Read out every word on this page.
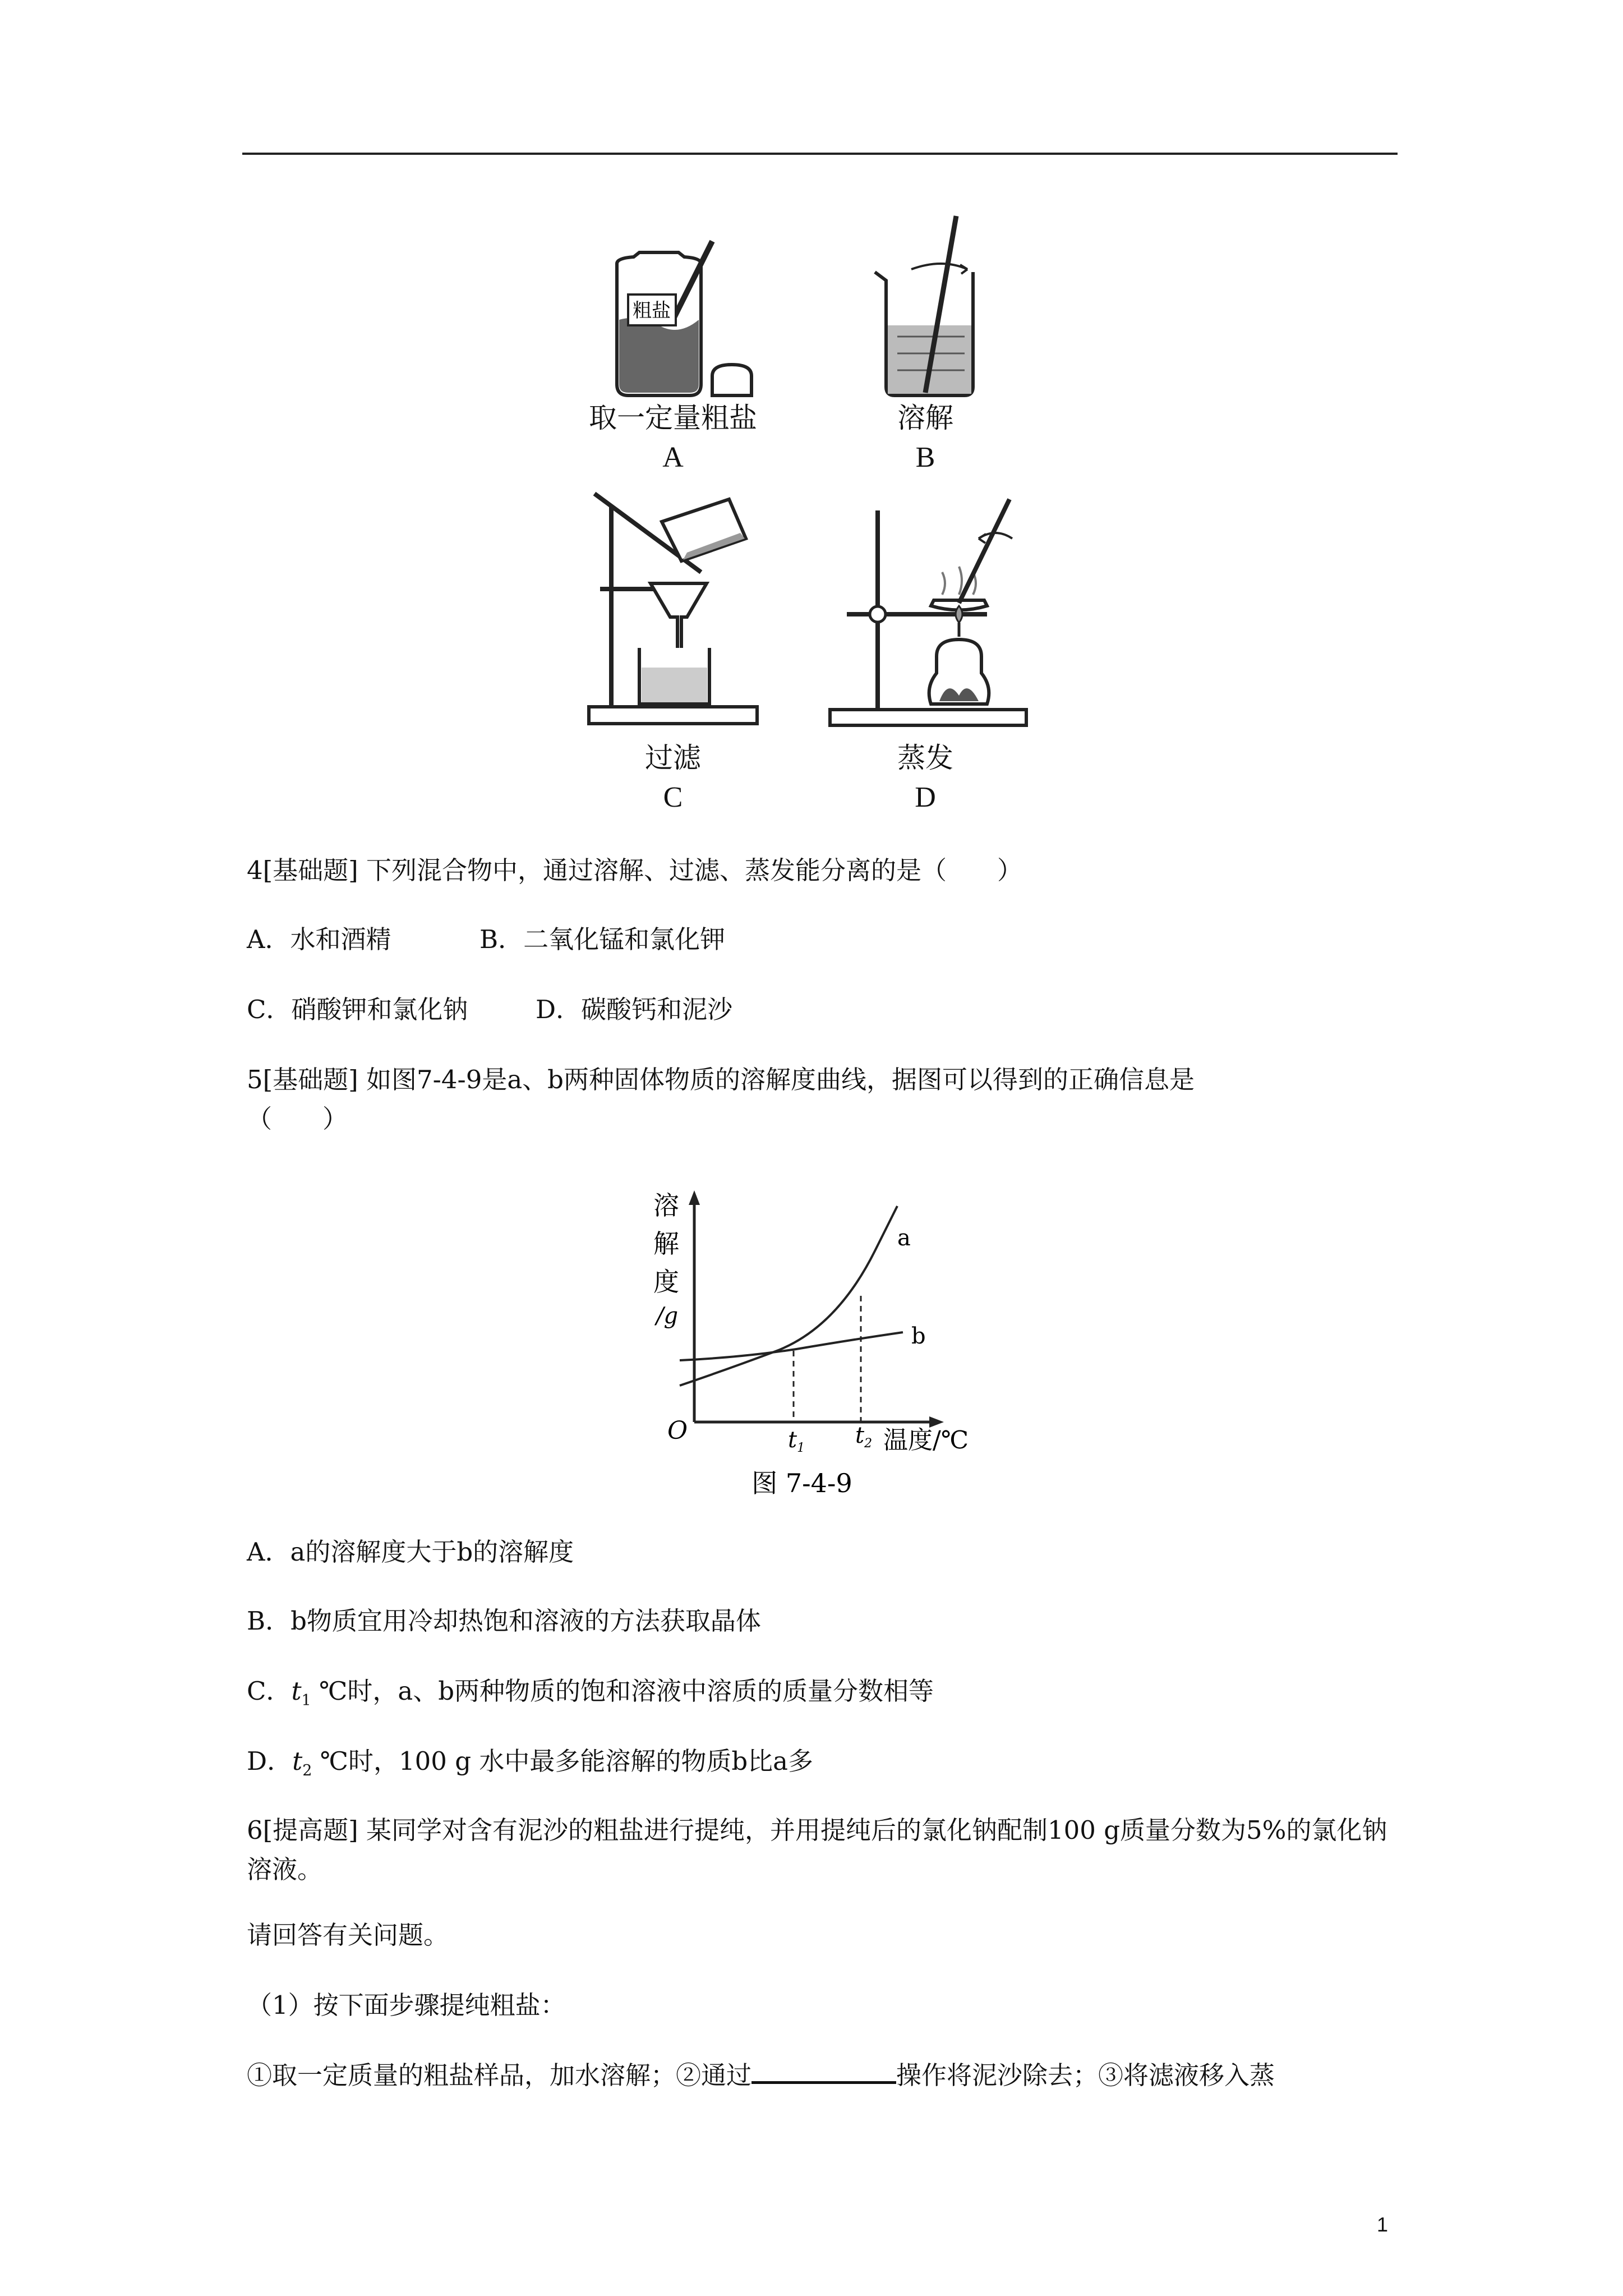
粗盐
取一定量粗盐
A
溶解
B
过滤
C
蒸发
D
4[基础题] 下列混合物中，通过溶解、过滤、蒸发能分离的是（　　）
A．水和酒精	B．二氧化锰和氯化钾
C．硝酸钾和氯化钠	D．碳酸钙和泥沙
5[基础题] 如图7-4-9是a、b两种固体物质的溶解度曲线，据图可以得到的正确信息是
（　　）
溶
解
度
/g
O
a
b
$t_1$ $t_2$ 温度/℃
图 7-4-9
A．a的溶解度大于b的溶解度
B．b物质宜用冷却热饱和溶液的方法获取晶体
C．$t_1$ ℃时，a、b两种物质的饱和溶液中溶质的质量分数相等
D．$t_2$ ℃时，100 g 水中最多能溶解的物质b比a多
6[提高题] 某同学对含有泥沙的粗盐进行提纯，并用提纯后的氯化钠配制100 g质量分数为5%的氯化钠溶液。
请回答有关问题。
（1）按下面步骤提纯粗盐：
①取一定质量的粗盐样品，加水溶解；②通过	操作将泥沙除去；③将滤液移入蒸
1
